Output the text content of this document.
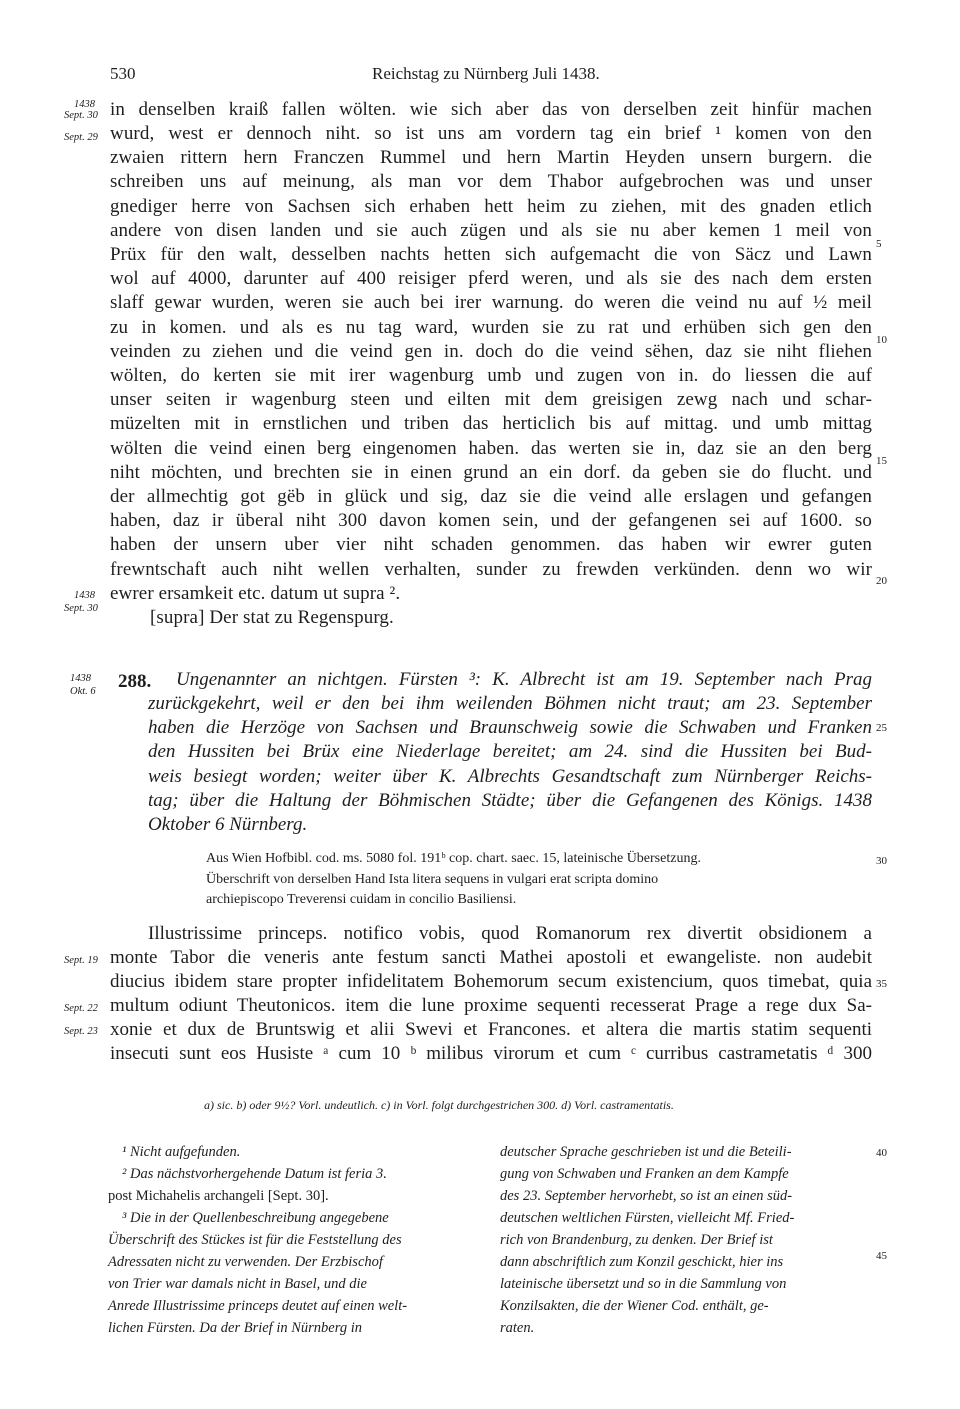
530	Reichstag zu Nürnberg Juli 1438.
1438
Sept. 30
Sept. 29
1438
Sept. 30
1438
Okt. 6
Sept. 19
Sept. 22
Sept. 23
5
10
15
20
25
30
35
40
45
in denselben kraiß fallen wölten. wie sich aber das von derselben zeit hinfür machen
wurd, west er dennoch niht. so ist uns am vordern tag ein brief ¹ komen von den
zwaien rittern hern Franczen Rummel und hern Martin Heyden unsern burgern. die
schreiben uns auf meinung, als man vor dem Thabor aufgebrochen was und unser
gnediger herre von Sachsen sich erhaben hett heim zu ziehen, mit des gnaden etlich
andere von disen landen und sie auch zügen und als sie nu aber kemen 1 meil von
Prüx für den walt, desselben nachts hetten sich aufgemacht die von Säcz und Lawn
wol auf 4000, darunter auf 400 reisiger pferd weren, und als sie des nach dem ersten
slaff gewar wurden, weren sie auch bei irer warnung. do weren die veind nu auf ½ meil
zu in komen. und als es nu tag ward, wurden sie zu rat und erhüben sich gen den
veinden zu ziehen und die veind gen in. doch do die veind sëhen, daz sie niht fliehen
wölten, do kerten sie mit irer wagenburg umb und zugen von in. do liessen die auf
unser seiten ir wagenburg steen und eilten mit dem greisigen zewg nach und schar-
müzelten mit in ernstlichen und triben das herticlich bis auf mittag. und umb mittag
wölten die veind einen berg eingenomen haben. das werten sie in, daz sie an den berg
niht möchten, und brechten sie in einen grund an ein dorf. da geben sie do flucht. und
der allmechtig got gëb in glück und sig, daz sie die veind alle erslagen und gefangen
haben, daz ir überal niht 300 davon komen sein, und der gefangenen sei auf 1600. so
haben der unsern uber vier niht schaden genommen. das haben wir ewrer guten
frewntschaft auch niht wellen verhalten, sunder zu frewden verkünden. denn wo wir
ewrer ersamkeit etc. datum ut supra ².
[supra] Der stat zu Regenspurg.
288. Ungenannter an nichtgen. Fürsten ³: K. Albrecht ist am 19. September nach Prag
zurückgekehrt, weil er den bei ihm weilenden Böhmen nicht traut; am 23. September
haben die Herzöge von Sachsen und Braunschweig sowie die Schwaben und Franken
den Hussiten bei Brüx eine Niederlage bereitet; am 24. sind die Hussiten bei Bud-
weis besiegt worden; weiter über K. Albrechts Gesandtschaft zum Nürnberger Reichs-
tag; über die Haltung der Böhmischen Städte; über die Gefangenen des Königs. 1438
Oktober 6 Nürnberg.
Aus Wien Hofbibl. cod. ms. 5080 fol. 191ᵇ cop. chart. saec. 15, lateinische Übersetzung.
Überschrift von derselben Hand Ista litera sequens in vulgari erat scripta domino
archiepiscopo Treverensi cuidam in concilio Basiliensi.
Illustrissime princeps. notifico vobis, quod Romanorum rex divertit obsidionem a
monte Tabor die veneris ante festum sancti Mathei apostoli et ewangeliste. non audebit
diucius ibidem stare propter infidelitatem Bohemorum secum existencium, quos timebat, quia
multum odiunt Theutonicos. item die lune proxime sequenti recesserat Prage a rege dux Sa-
xonie et dux de Bruntswig et alii Swevi et Francones. et altera die martis statim sequenti
insecuti sunt eos Husiste ᵃ cum 10 ᵇ milibus virorum et cum ᶜ curribus castrametatis ᵈ 300
a) sic. b) oder 9½? Vorl. undeutlich. c) in Vorl. folgt durchgestrichen 300. d) Vorl. castramentatis.
¹ Nicht aufgefunden.
² Das nächstvorhergehende Datum ist feria 3.
post Michahelis archangeli [Sept. 30].
³ Die in der Quellenbeschreibung angegebene
Überschrift des Stückes ist für die Feststellung des
Adressaten nicht zu verwenden. Der Erzbischof
von Trier war damals nicht in Basel, und die
Anrede Illustrissime princeps deutet auf einen welt-
lichen Fürsten. Da der Brief in Nürnberg in
deutscher Sprache geschrieben ist und die Beteili-
gung von Schwaben und Franken an dem Kampfe
des 23. September hervorhebt, so ist an einen süd-
deutschen weltlichen Fürsten, vielleicht Mf. Fried-
rich von Brandenburg, zu denken. Der Brief ist
dann abschriftlich zum Konzil geschickt, hier ins
lateinische übersetzt und so in die Sammlung von
Konzilsakten, die der Wiener Cod. enthält, ge-
raten.
